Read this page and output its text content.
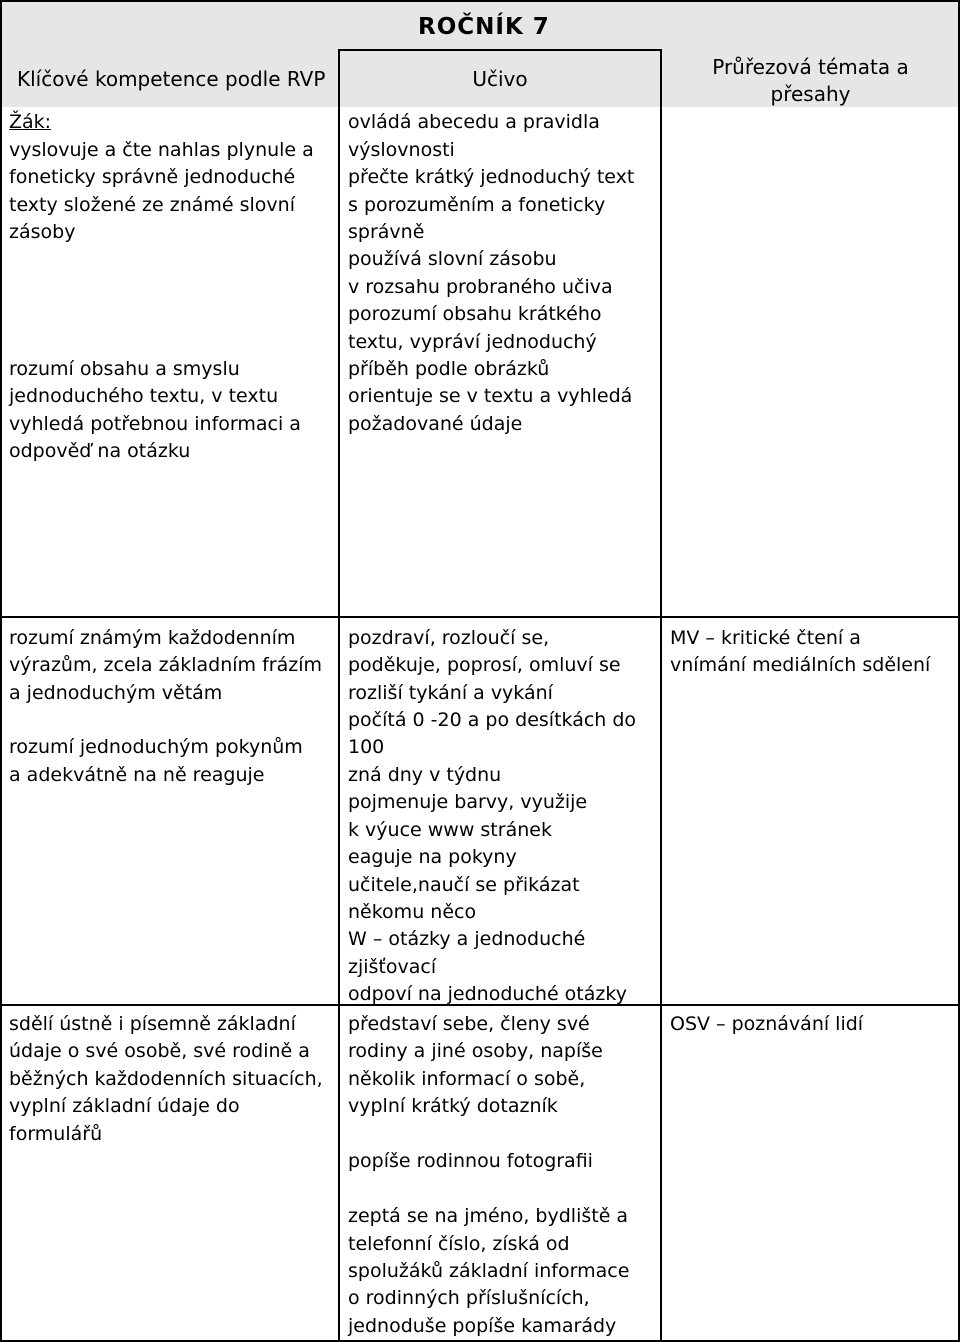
ROČNÍK 7
Klíčové kompetence podle RVP	Učivo	Průřezová témata a
přesahy
Žák:
vyslovuje a čte nahlas plynule a
foneticky správně jednoduché
texty složené ze známé slovní
zásoby
rozumí obsahu a smyslu
jednoduchého textu, v textu
vyhledá potřebnou informaci a
odpověď na otázku
ovládá abecedu a pravidla
výslovnosti
přečte krátký jednoduchý text
s porozuměním a foneticky
správně
používá slovní zásobu
v rozsahu probraného učiva
porozumí obsahu krátkého
textu, vypráví jednoduchý
příběh podle obrázků
orientuje se v textu a vyhledá
požadované údaje
rozumí známým každodenním
výrazům, zcela základním frázím
a jednoduchým větám
rozumí jednoduchým pokynům
a adekvátně na ně reaguje
pozdraví, rozloučí se,
poděkuje, poprosí, omluví se
rozliší tykání a vykání
počítá 0 -20 a po desítkách do
100
zná dny v týdnu
pojmenuje barvy, využije
k výuce www stránek
eaguje na pokyny
učitele,naučí se přikázat
někomu něco
W – otázky a jednoduché
zjišťovací
odpoví na jednoduché otázky
MV – kritické čtení a
vnímání mediálních sdělení
sdělí ústně i písemně základní
údaje o své osobě, své rodině a
běžných každodenních situacích,
vyplní základní údaje do
formulářů
představí sebe, členy své
rodiny a jiné osoby, napíše
několik informací o sobě,
vyplní krátký dotazník
popíše rodinnou fotografii
zeptá se na jméno, bydliště a
telefonní číslo, získá od
spolužáků základní informace
o rodinných příslušnících,
jednoduše popíše kamarády
OSV – poznávání lidí
